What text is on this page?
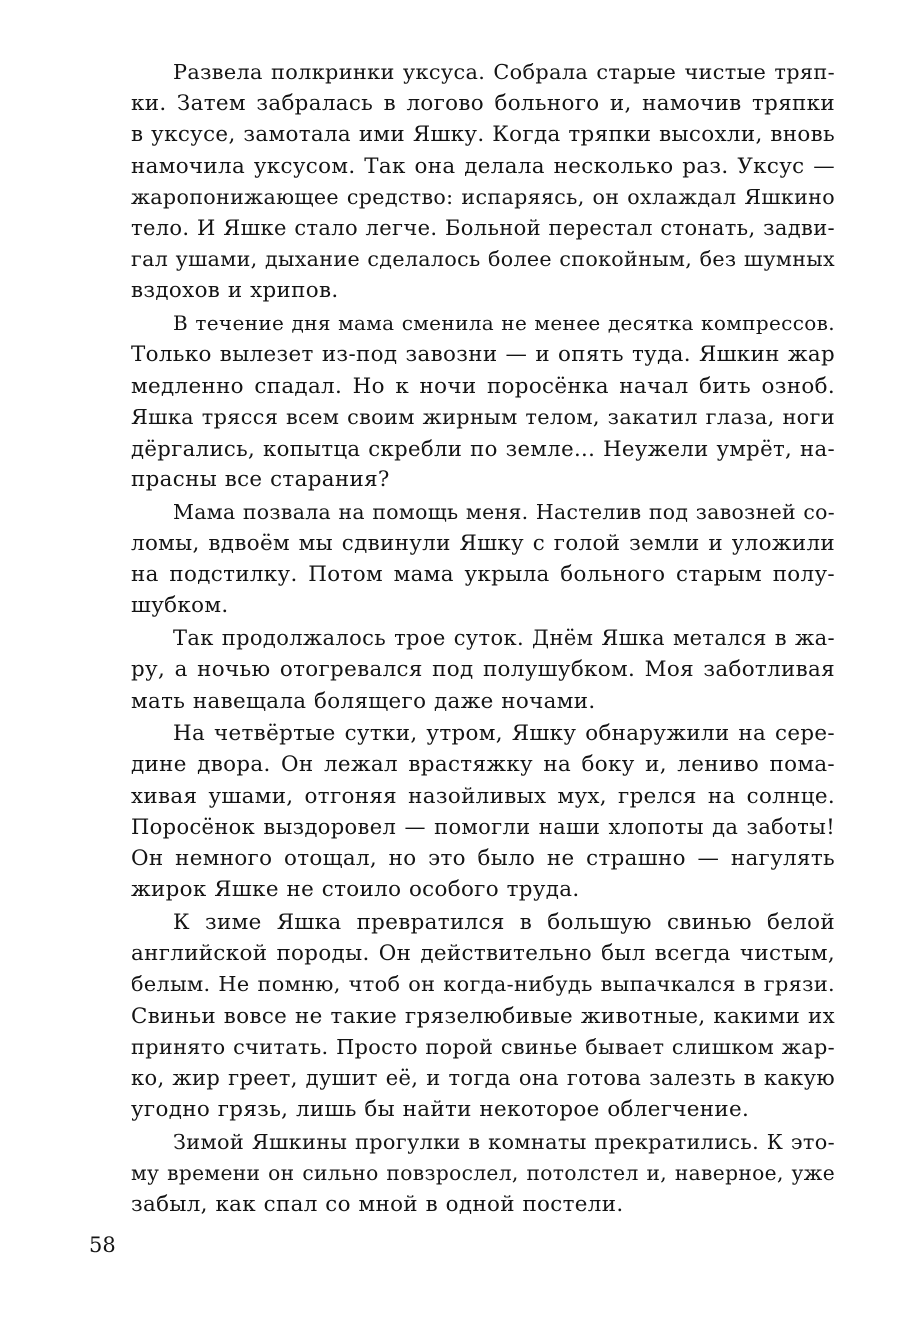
Развела полкринки уксуса. Собрала старые чистые тряп-
ки. Затем забралась в логово больного и, намочив тряпки
в уксусе, замотала ими Яшку. Когда тряпки высохли, вновь
намочила уксусом. Так она делала несколько раз. Уксус —
жаропонижающее средство: испаряясь, он охлаждал Яшкино
тело. И Яшке стало легче. Больной перестал стонать, задви-
гал ушами, дыхание сделалось более спокойным, без шумных
вздохов и хрипов.

В течение дня мама сменила не менее десятка компрессов.
Только вылезет из-под завозни — и опять туда. Яшкин жар
медленно спадал. Но к ночи поросёнка начал бить озноб.
Яшка трясся всем своим жирным телом, закатил глаза, ноги
дёргались, копытца скребли по земле... Неужели умрёт, на-
прасны все старания?

Мама позвала на помощь меня. Настелив под завозней со-
ломы, вдвоём мы сдвинули Яшку с голой земли и уложили
на подстилку. Потом мама укрыла больного старым полу-
шубком.

Так продолжалось трое суток. Днём Яшка метался в жа-
ру, а ночью отогревался под полушубком. Моя заботливая
мать навещала болящего даже ночами.

На четвёртые сутки, утром, Яшку обнаружили на сере-
дине двора. Он лежал врастяжку на боку и, лениво пома-
хивая ушами, отгоняя назойливых мух, грелся на солнце.
Поросёнок выздоровел — помогли наши хлопоты да заботы!
Он немного отощал, но это было не страшно — нагулять
жирок Яшке не стоило особого труда.

К зиме Яшка превратился в большую свинью белой
английской породы. Он действительно был всегда чистым,
белым. Не помню, чтоб он когда-нибудь выпачкался в грязи.
Свиньи вовсе не такие грязелюбивые животные, какими их
принято считать. Просто порой свинье бывает слишком жар-
ко, жир греет, душит её, и тогда она готова залезть в какую
угодно грязь, лишь бы найти некоторое облегчение.

Зимой Яшкины прогулки в комнаты прекратились. К это-
му времени он сильно повзрослел, потолстел и, наверное, уже
забыл, как спал со мной в одной постели.

58
